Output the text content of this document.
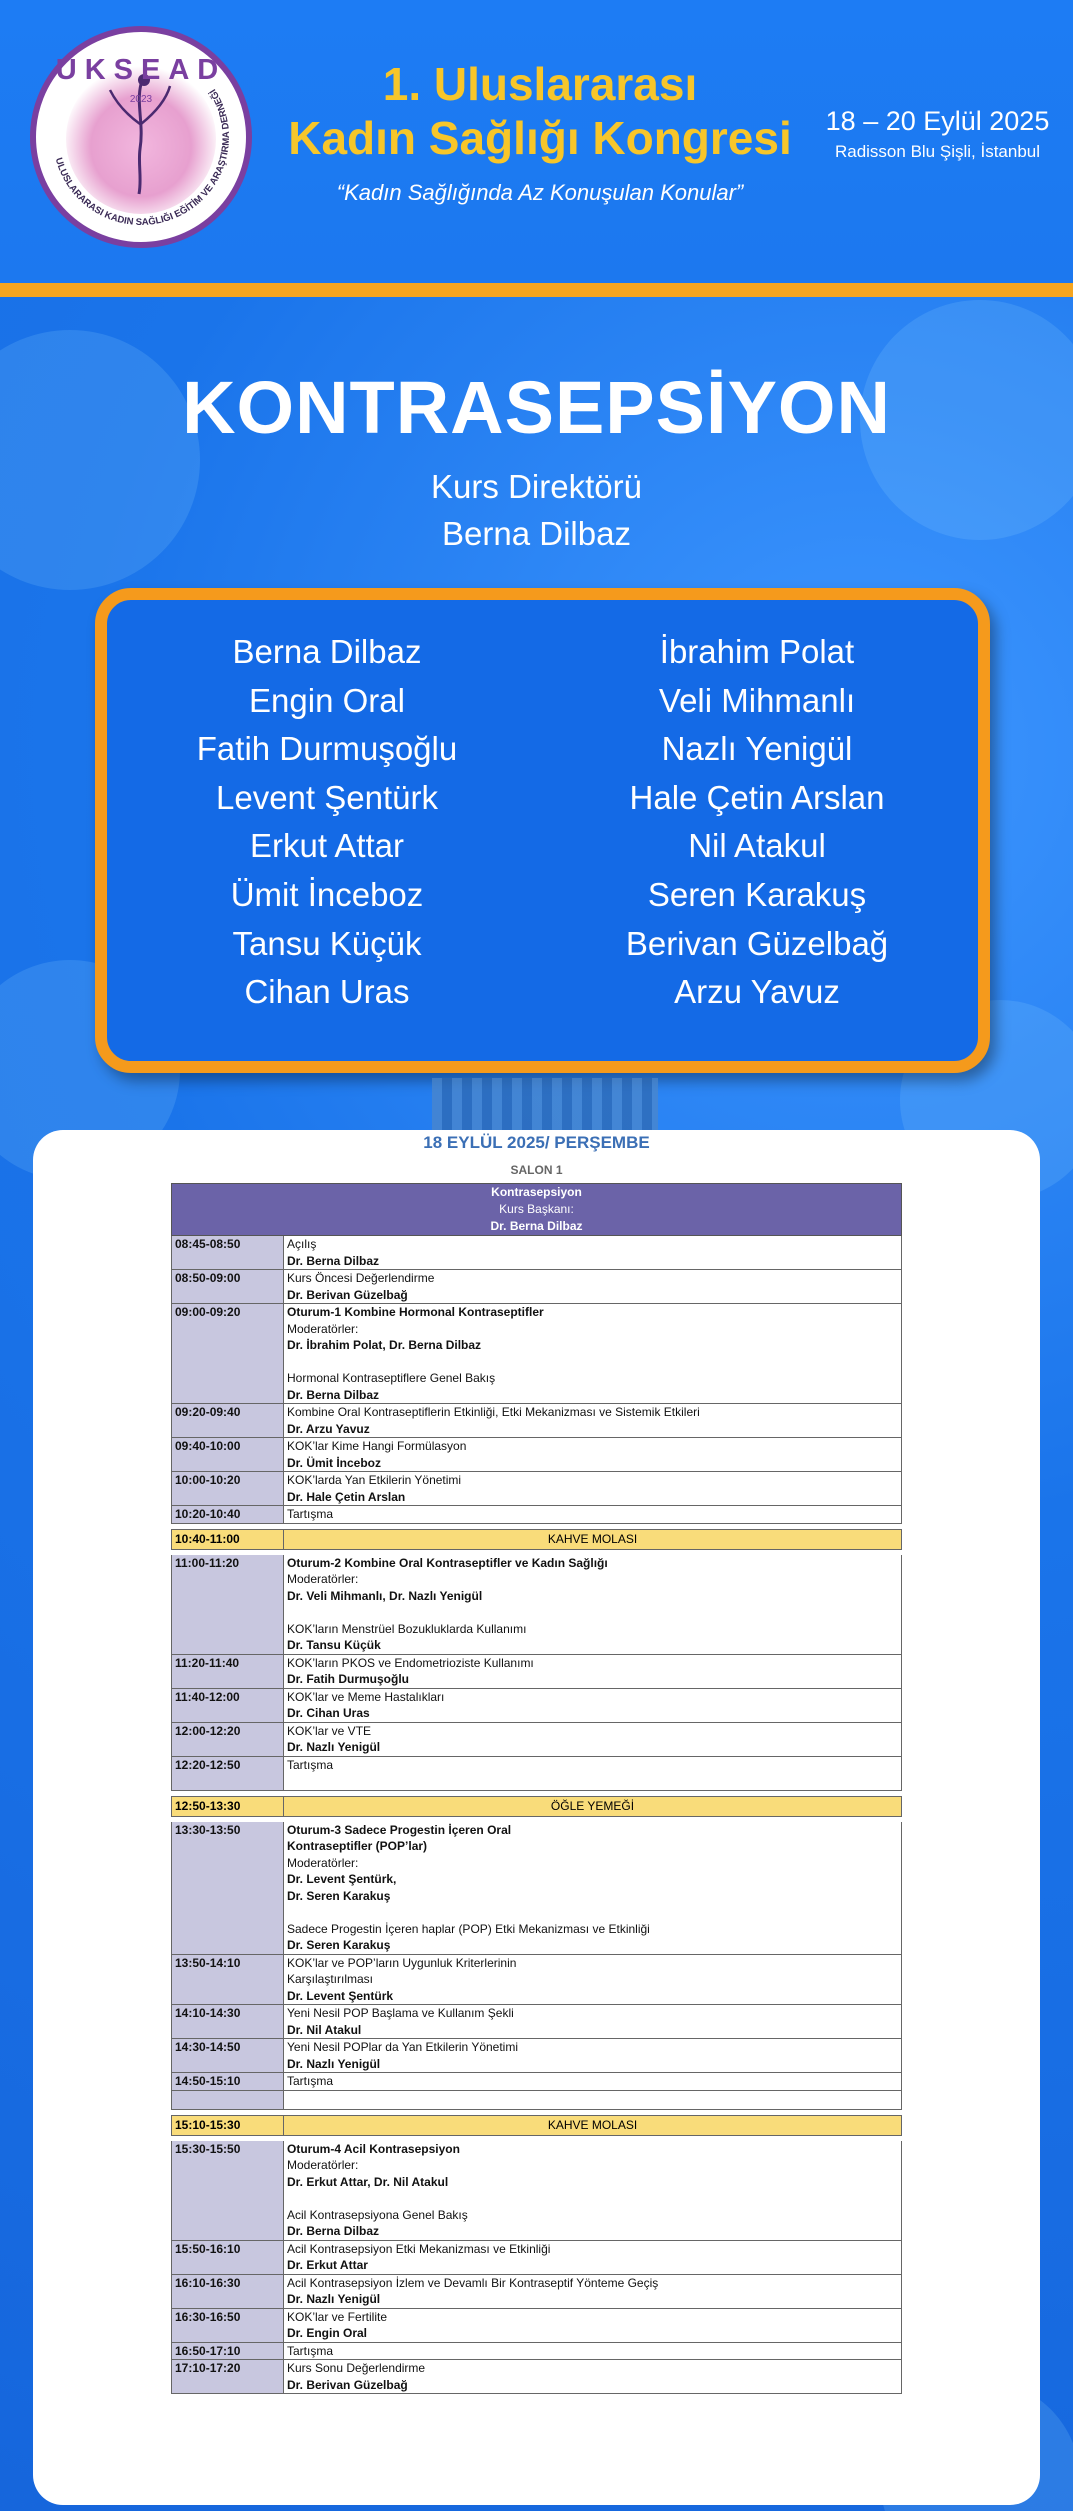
ULUSLARARASI KADIN SAĞLIĞI EĞİTİM VE ARAŞTIRMA DERNEĞİ
UKSEAD
2023	1. Uluslararası
Kadın Sağlığı Kongresi
“Kadın Sağlığında Az Konuşulan Konular”
18 – 20 Eylül 2025
Radisson Blu Şişli, İstanbul
KONTRASEPSİYON
Kurs Direktörü
Berna Dilbaz
Berna Dilbaz
Engin Oral
Fatih Durmuşoğlu
Levent Şentürk
Erkut Attar
Ümit İnceboz
Tansu Küçük
Cihan Uras
İbrahim Polat
Veli Mihmanlı
Nazlı Yenigül
Hale Çetin Arslan
Nil Atakul
Seren Karakuş
Berivan Güzelbağ
Arzu Yavuz
18 EYLÜL 2025/ PERŞEMBE
SALON 1
Kontrasepsiyon
Kurs Başkanı:
Dr. Berna Dilbaz
08:45-08:50	Açılış
Dr. Berna Dilbaz
08:50-09:00	Kurs Öncesi Değerlendirme
Dr. Berivan Güzelbağ
09:00-09:20	Oturum-1 Kombine Hormonal Kontraseptifler
Moderatörler:
Dr. İbrahim Polat, Dr. Berna Dilbaz

Hormonal Kontraseptiflere Genel Bakış
Dr. Berna Dilbaz
09:20-09:40	Kombine Oral Kontraseptiflerin Etkinliği, Etki Mekanizması ve Sistemik Etkileri
Dr. Arzu Yavuz
09:40-10:00	KOK’lar Kime Hangi Formülasyon
Dr. Ümit İnceboz
10:00-10:20	KOK’larda Yan Etkilerin Yönetimi
Dr. Hale Çetin Arslan
10:20-10:40	Tartışma
10:40-11:00	KAHVE MOLASI
11:00-11:20	Oturum-2 Kombine Oral Kontraseptifler ve Kadın Sağlığı
Moderatörler:
Dr. Veli Mihmanlı, Dr. Nazlı Yenigül

KOK’ların Menstrüel Bozukluklarda Kullanımı
Dr. Tansu Küçük
11:20-11:40	KOK’ların PKOS ve Endometrioziste Kullanımı
Dr. Fatih Durmuşoğlu
11:40-12:00	KOK’lar ve Meme Hastalıkları
Dr. Cihan Uras
12:00-12:20	KOK’lar ve VTE
Dr. Nazlı Yenigül
12:20-12:50	Tartışma

12:50-13:30	ÖĞLE YEMEĞİ
13:30-13:50	Oturum-3 Sadece Progestin İçeren Oral
Kontraseptifler (POP’lar)
Moderatörler:
Dr. Levent Şentürk,
Dr. Seren Karakuş

Sadece Progestin İçeren haplar (POP) Etki Mekanizması ve Etkinliği
Dr. Seren Karakuş
13:50-14:10	KOK’lar ve POP’ların Uygunluk Kriterlerinin
Karşılaştırılması
Dr. Levent Şentürk
14:10-14:30	Yeni Nesil POP Başlama ve Kullanım Şekli
Dr. Nil Atakul
14:30-14:50	Yeni Nesil POPlar da Yan Etkilerin Yönetimi
Dr. Nazlı Yenigül
14:50-15:10	Tartışma
15:10-15:30	KAHVE MOLASI
15:30-15:50	Oturum-4 Acil Kontrasepsiyon
Moderatörler:
Dr. Erkut Attar, Dr. Nil Atakul

Acil Kontrasepsiyona Genel Bakış
Dr. Berna Dilbaz
15:50-16:10	Acil Kontrasepsiyon Etki Mekanizması ve Etkinliği
Dr. Erkut Attar
16:10-16:30	Acil Kontrasepsiyon İzlem ve Devamlı Bir Kontraseptif Yönteme Geçiş
Dr. Nazlı Yenigül
16:30-16:50	KOK’lar ve Fertilite
Dr. Engin Oral
16:50-17:10	Tartışma
17:10-17:20	Kurs Sonu Değerlendirme
Dr. Berivan Güzelbağ
